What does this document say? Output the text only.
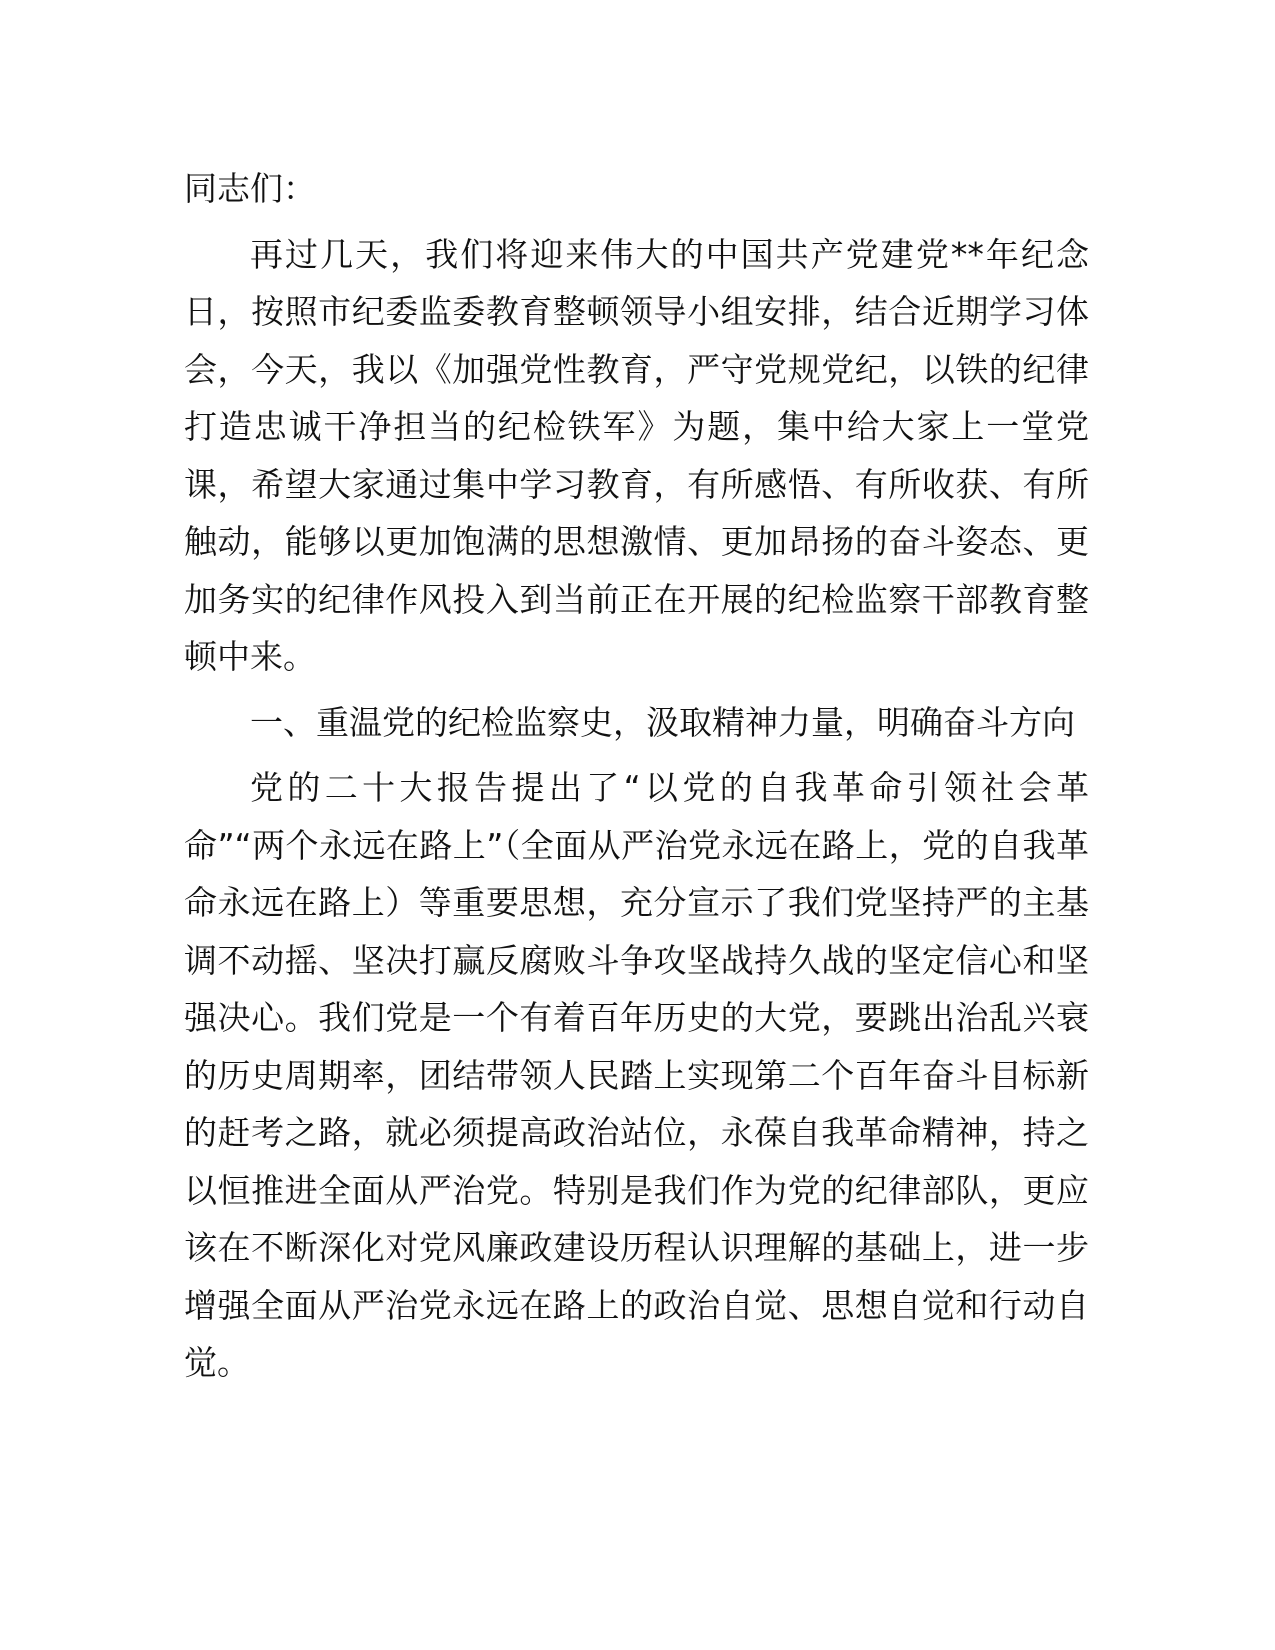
同志们：

再过几天，我们将迎来伟大的中国共产党建党**年纪念日，按照市纪委监委教育整顿领导小组安排，结合近期学习体会，今天，我以《加强党性教育，严守党规党纪，以铁的纪律打造忠诚干净担当的纪检铁军》为题，集中给大家上一堂党课，希望大家通过集中学习教育，有所感悟、有所收获、有所触动，能够以更加饱满的思想激情、更加昂扬的奋斗姿态、更加务实的纪律作风投入到当前正在开展的纪检监察干部教育整顿中来。

一、重温党的纪检监察史，汲取精神力量，明确奋斗方向

党的二十大报告提出了“以党的自我革命引领社会革命”“两个永远在路上”（全面从严治党永远在路上，党的自我革命永远在路上）等重要思想，充分宣示了我们党坚持严的主基调不动摇、坚决打赢反腐败斗争攻坚战持久战的坚定信心和坚强决心。我们党是一个有着百年历史的大党，要跳出治乱兴衰的历史周期率，团结带领人民踏上实现第二个百年奋斗目标新的赶考之路，就必须提高政治站位，永葆自我革命精神，持之以恒推进全面从严治党。特别是我们作为党的纪律部队，更应该在不断深化对党风廉政建设历程认识理解的基础上，进一步增强全面从严治党永远在路上的政治自觉、思想自觉和行动自觉。
